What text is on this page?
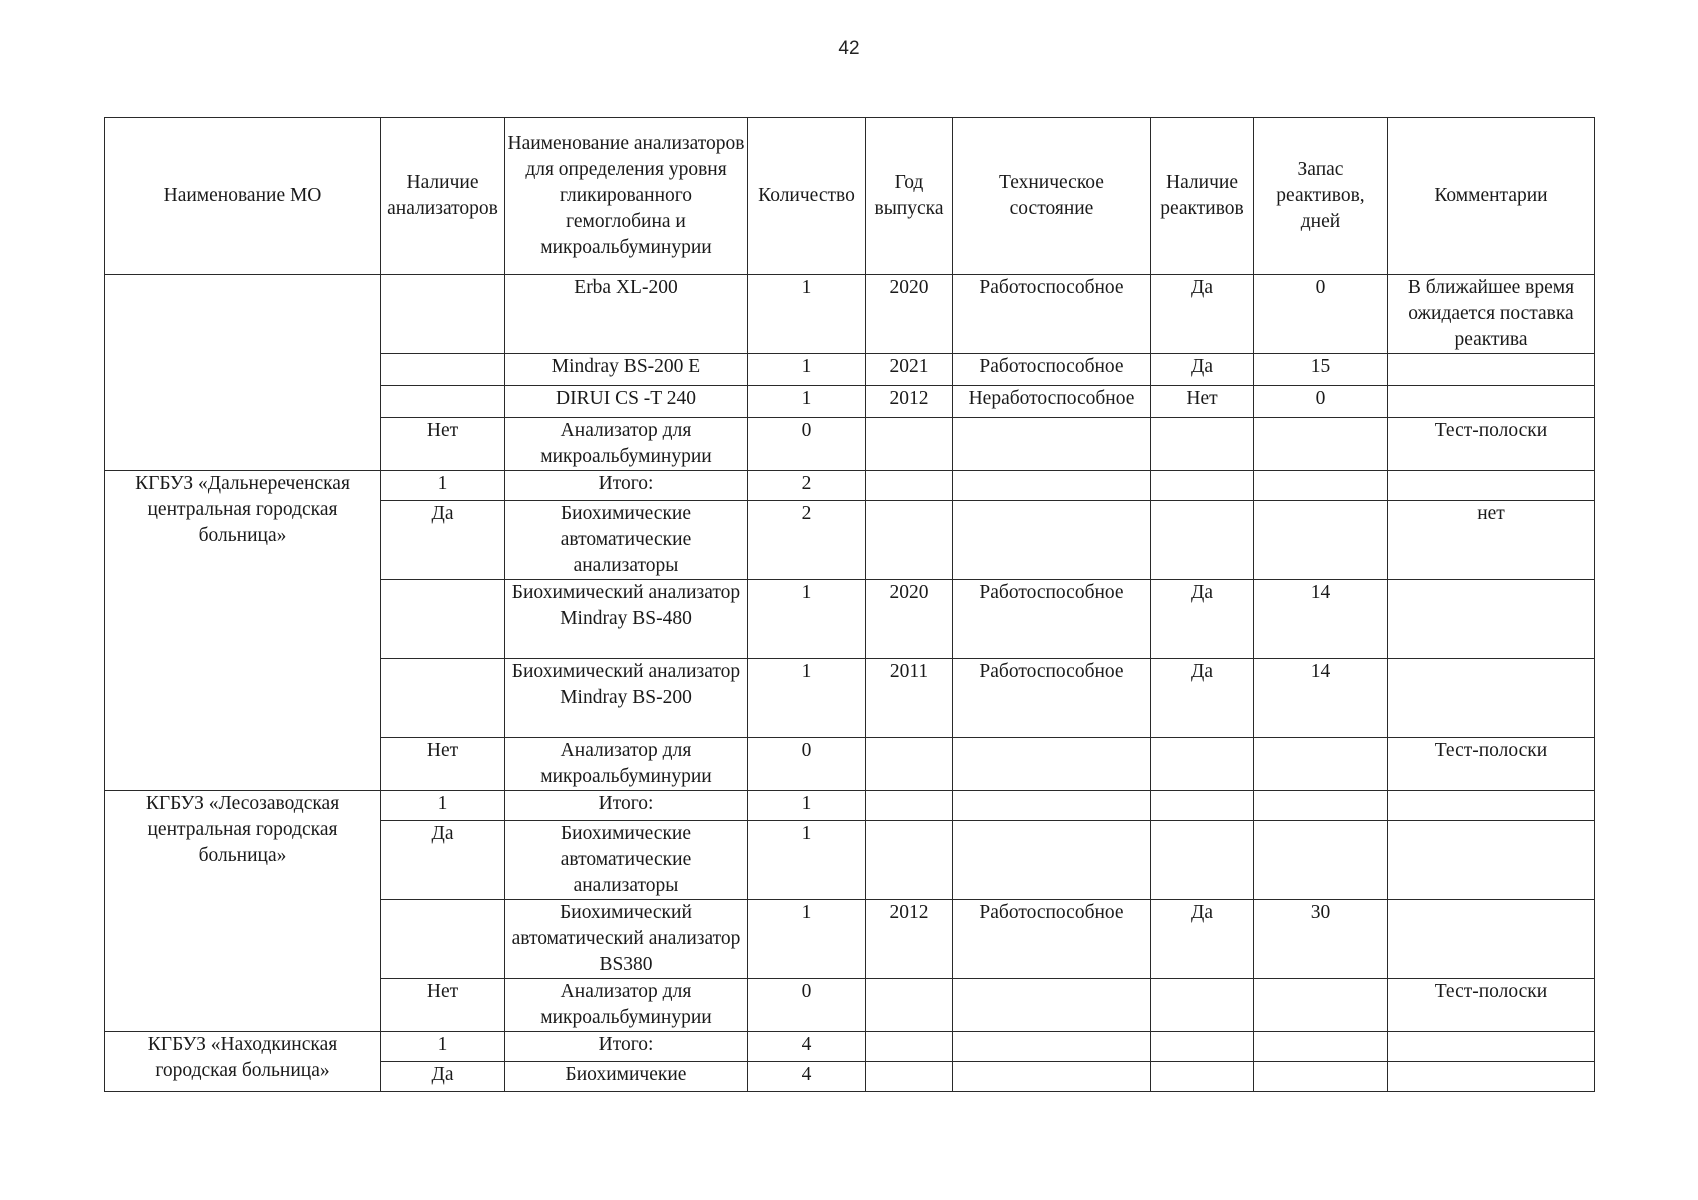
42
Наименование МО	Наличие анализаторов	Наименование анализаторов для определения уровня гликированного гемоглобина и микроальбуминурии	Количество	Год выпуска	Техническое состояние	Наличие реактивов	Запас реактивов, дней	Комментарии
		Erba XL-200	1	2020	Работоспособное	Да	0	В ближайшее время ожидается поставка реактива
		Mindray BS-200 E	1	2021	Работоспособное	Да	15	
		DIRUI CS -T 240	1	2012	Неработоспособное	Нет	0	
	Нет	Анализатор для микроальбуминурии	0					Тест-полоски
КГБУЗ «Дальнереченская центральная городская больница»	1	Итого:	2					
	Да	Биохимические автоматические анализаторы	2					нет
		Биохимический анализатор Mindray BS-480	1	2020	Работоспособное	Да	14	
		Биохимический анализатор Mindray BS-200	1	2011	Работоспособное	Да	14	
	Нет	Анализатор для микроальбуминурии	0					Тест-полоски
КГБУЗ «Лесозаводская центральная городская больница»	1	Итого:	1					
	Да	Биохимические автоматические анализаторы	1					
		Биохимический автоматический анализатор BS380	1	2012	Работоспособное	Да	30	
	Нет	Анализатор для микроальбуминурии	0					Тест-полоски
КГБУЗ «Находкинская городская больница»	1	Итого:	4					
	Да	Биохимичекие	4					
